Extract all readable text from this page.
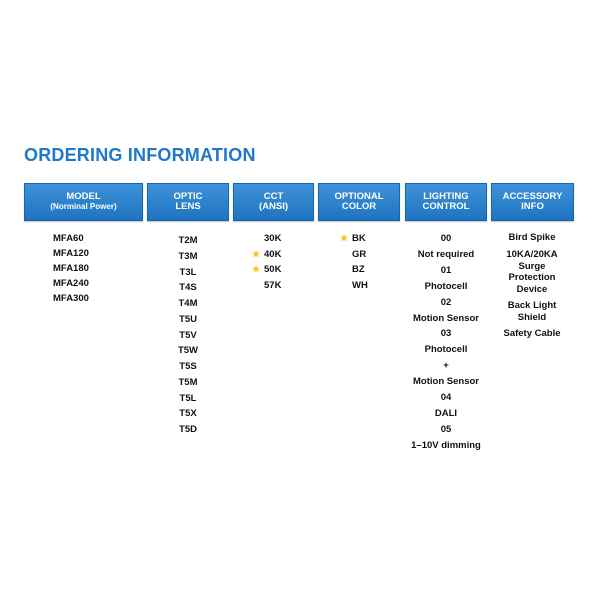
ORDERING INFORMATION
MODEL
(Norminal Power)
OPTIC
LENS
CCT
(ANSI)
OPTIONAL
COLOR
LIGHTING
CONTROL
ACCESSORY
INFO
MFA60
MFA120
MFA180
MFA240
MFA300
T2M
T3M
T3L
T4S
T4M
T5U
T5V
T5W
T5S
T5M
T5L
T5X
T5D
30K
★ 40K
★ 50K
57K
★ BK
GR
BZ
WH
00
Not required
01
Photocell
02
Motion Sensor
03
Photocell
+
Motion Sensor
04
DALI
05
1–10V dimming
Bird Spike
10KA/20KA
Surge
Protection
Device
Back Light
Shield
Safety Cable
